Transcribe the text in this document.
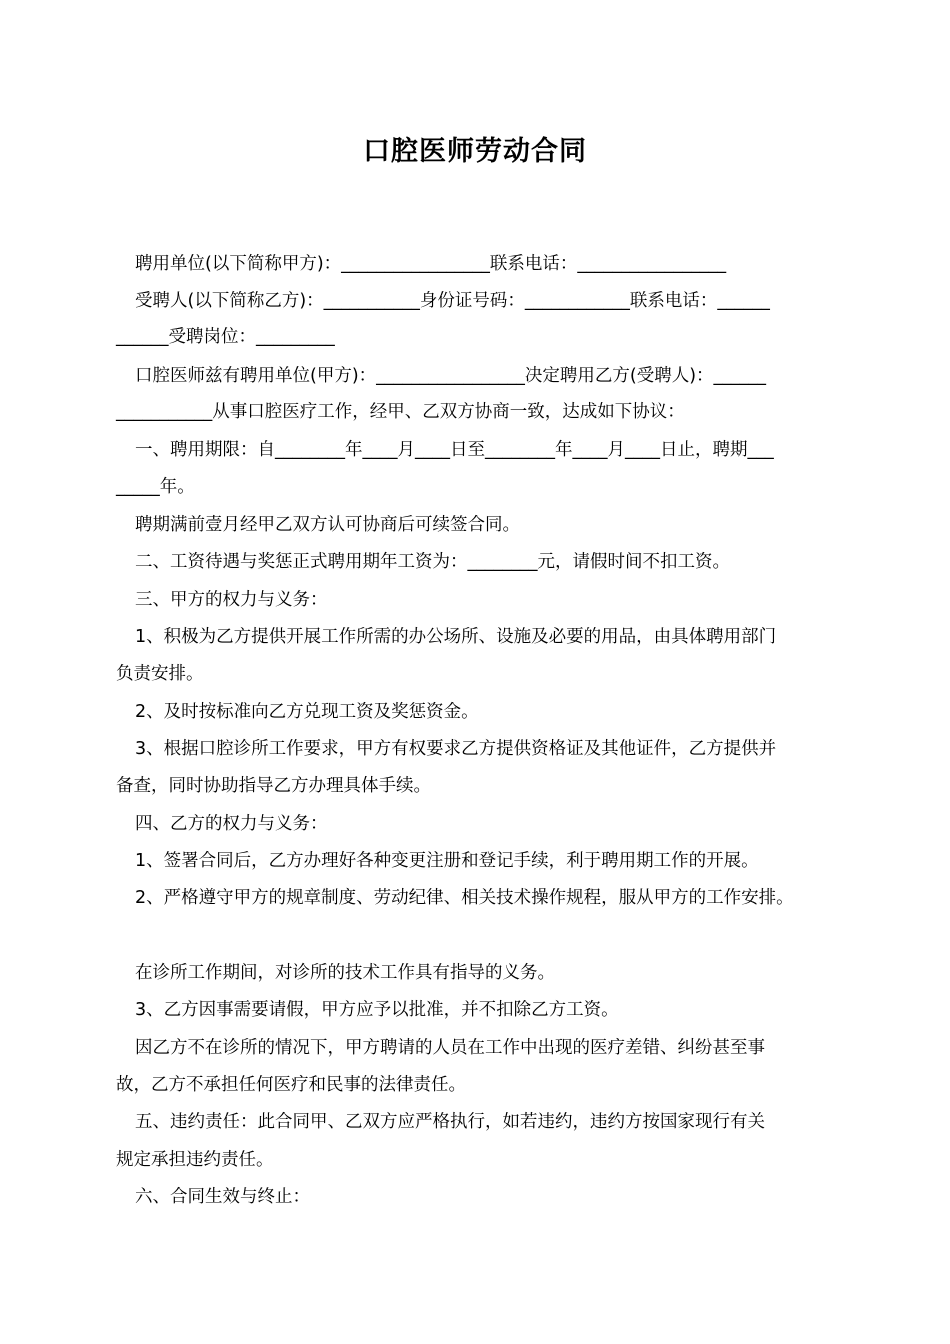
口腔医师劳动合同

聘用单位(以下简称甲方)：_________________联系电话：_________________

受聘人(以下简称乙方)：___________身份证号码：____________联系电话：______

______受聘岗位：_________

口腔医师兹有聘用单位(甲方)：_________________决定聘用乙方(受聘人)：______

___________从事口腔医疗工作，经甲、乙双方协商一致，达成如下协议：

一、聘用期限：自________年____月____日至________年____月____日止，聘期___

_____年。

聘期满前壹月经甲乙双方认可协商后可续签合同。

二、工资待遇与奖惩正式聘用期年工资为：________元，请假时间不扣工资。

三、甲方的权力与义务：

1、积极为乙方提供开展工作所需的办公场所、设施及必要的用品，由具体聘用部门

负责安排。

2、及时按标准向乙方兑现工资及奖惩资金。

3、根据口腔诊所工作要求，甲方有权要求乙方提供资格证及其他证件，乙方提供并

备查，同时协助指导乙方办理具体手续。

四、乙方的权力与义务：

1、签署合同后，乙方办理好各种变更注册和登记手续，利于聘用期工作的开展。

2、严格遵守甲方的规章制度、劳动纪律、相关技术操作规程，服从甲方的工作安排。

在诊所工作期间，对诊所的技术工作具有指导的义务。

3、乙方因事需要请假，甲方应予以批准，并不扣除乙方工资。

因乙方不在诊所的情况下，甲方聘请的人员在工作中出现的医疗差错、纠纷甚至事

故，乙方不承担任何医疗和民事的法律责任。

五、违约责任：此合同甲、乙双方应严格执行，如若违约，违约方按国家现行有关

规定承担违约责任。

六、合同生效与终止：
